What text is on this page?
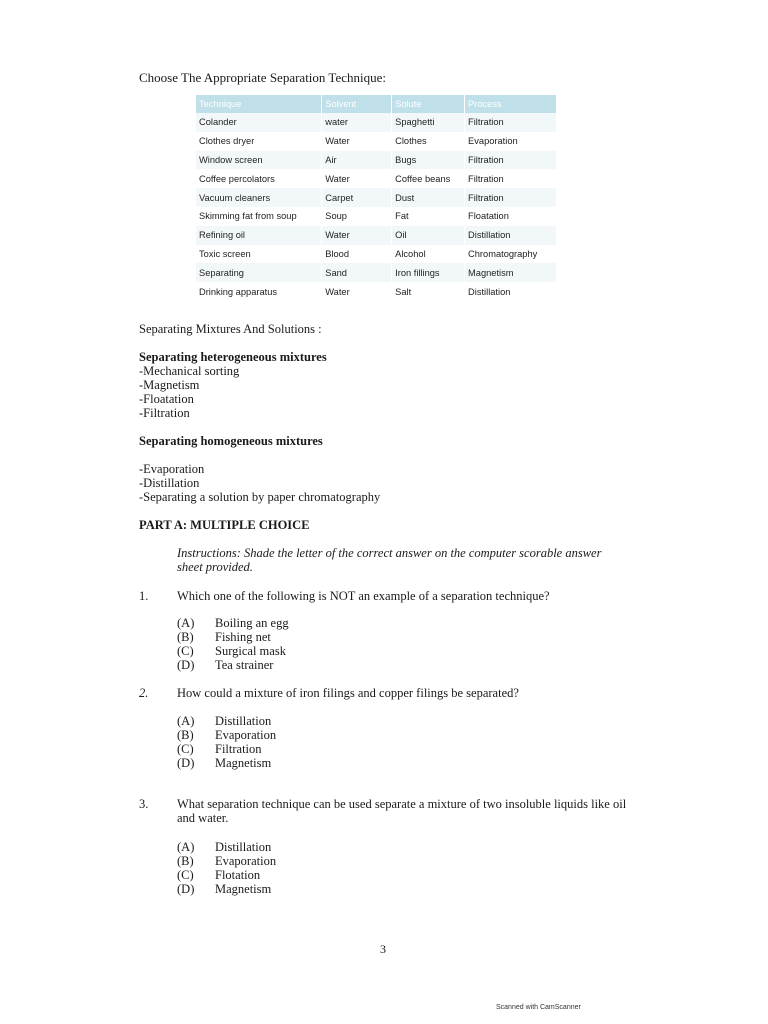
Choose The Appropriate Separation Technique:
Technique	Solvent	Solute	Process
Colander	water	Spaghetti	Filtration
Clothes dryer	Water	Clothes	Evaporation
Window screen	Air	Bugs	Filtration
Coffee percolators	Water	Coffee beans	Filtration
Vacuum cleaners	Carpet	Dust	Filtration
Skimming fat from soup	Soup	Fat	Floatation
Refining oil	Water	Oil	Distillation
Toxic screen	Blood	Alcohol	Chromatography
Separating	Sand	Iron fillings	Magnetism
Drinking apparatus	Water	Salt	Distillation
Separating Mixtures And Solutions :
Separating heterogeneous mixtures
-Mechanical sorting
-Magnetism
-Floatation
-Filtration
Separating homogeneous mixtures
-Evaporation
-Distillation
-Separating a solution by paper chromatography
PART A: MULTIPLE CHOICE
Instructions: Shade the letter of the correct answer on the computer scorable answer
sheet provided.
1. Which one of the following is NOT an example of a separation technique?
(A) Boiling an egg
(B) Fishing net
(C) Surgical mask
(D) Tea strainer
2. How could a mixture of iron filings and copper filings be separated?
(A) Distillation
(B) Evaporation
(C) Filtration
(D) Magnetism
3. What separation technique can be used separate a mixture of two insoluble liquids like oil
and water.
(A) Distillation
(B) Evaporation
(C) Flotation
(D) Magnetism
3
Scanned with CamScanner
